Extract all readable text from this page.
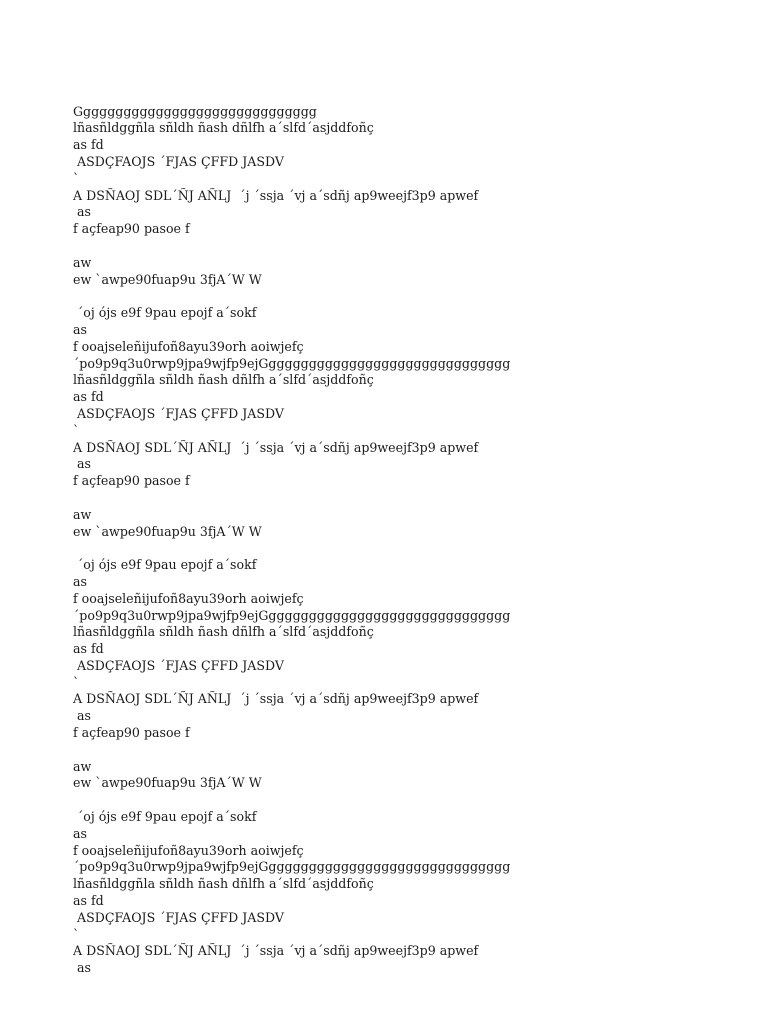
Gggggggggggggggggggggggggggggg
lñasñldggñla sñldh ñash dñlfh a´slfd´asjddfoñç
as fd
ASDÇFAOJS ´FJAS ÇFFD JASDV
`
A DSÑAOJ SDL´ÑJ AÑLJ  ´j ´ssja ´vj a´sdñj ap9weejf3p9 apwef
as
f açfeap90 pasoe f
aw
ew `awpe90fuap9u 3fjA´W W
´oj ójs e9f 9pau epojf a´sokf
as
f ooajseleñijufoñ8ayu39orh aoiwjefç
´po9p9q3u0rwp9jpa9wjfp9ejGgggggggggggggggggggggggggggggg
lñasñldggñla sñldh ñash dñlfh a´slfd´asjddfoñç
as fd
ASDÇFAOJS ´FJAS ÇFFD JASDV
`
A DSÑAOJ SDL´ÑJ AÑLJ  ´j ´ssja ´vj a´sdñj ap9weejf3p9 apwef
as
f açfeap90 pasoe f
aw
ew `awpe90fuap9u 3fjA´W W
´oj ójs e9f 9pau epojf a´sokf
as
f ooajseleñijufoñ8ayu39orh aoiwjefç
´po9p9q3u0rwp9jpa9wjfp9ejGgggggggggggggggggggggggggggggg
lñasñldggñla sñldh ñash dñlfh a´slfd´asjddfoñç
as fd
ASDÇFAOJS ´FJAS ÇFFD JASDV
`
A DSÑAOJ SDL´ÑJ AÑLJ  ´j ´ssja ´vj a´sdñj ap9weejf3p9 apwef
as
f açfeap90 pasoe f
aw
ew `awpe90fuap9u 3fjA´W W
´oj ójs e9f 9pau epojf a´sokf
as
f ooajseleñijufoñ8ayu39orh aoiwjefç
´po9p9q3u0rwp9jpa9wjfp9ejGgggggggggggggggggggggggggggggg
lñasñldggñla sñldh ñash dñlfh a´slfd´asjddfoñç
as fd
ASDÇFAOJS ´FJAS ÇFFD JASDV
`
A DSÑAOJ SDL´ÑJ AÑLJ  ´j ´ssja ´vj a´sdñj ap9weejf3p9 apwef
as
